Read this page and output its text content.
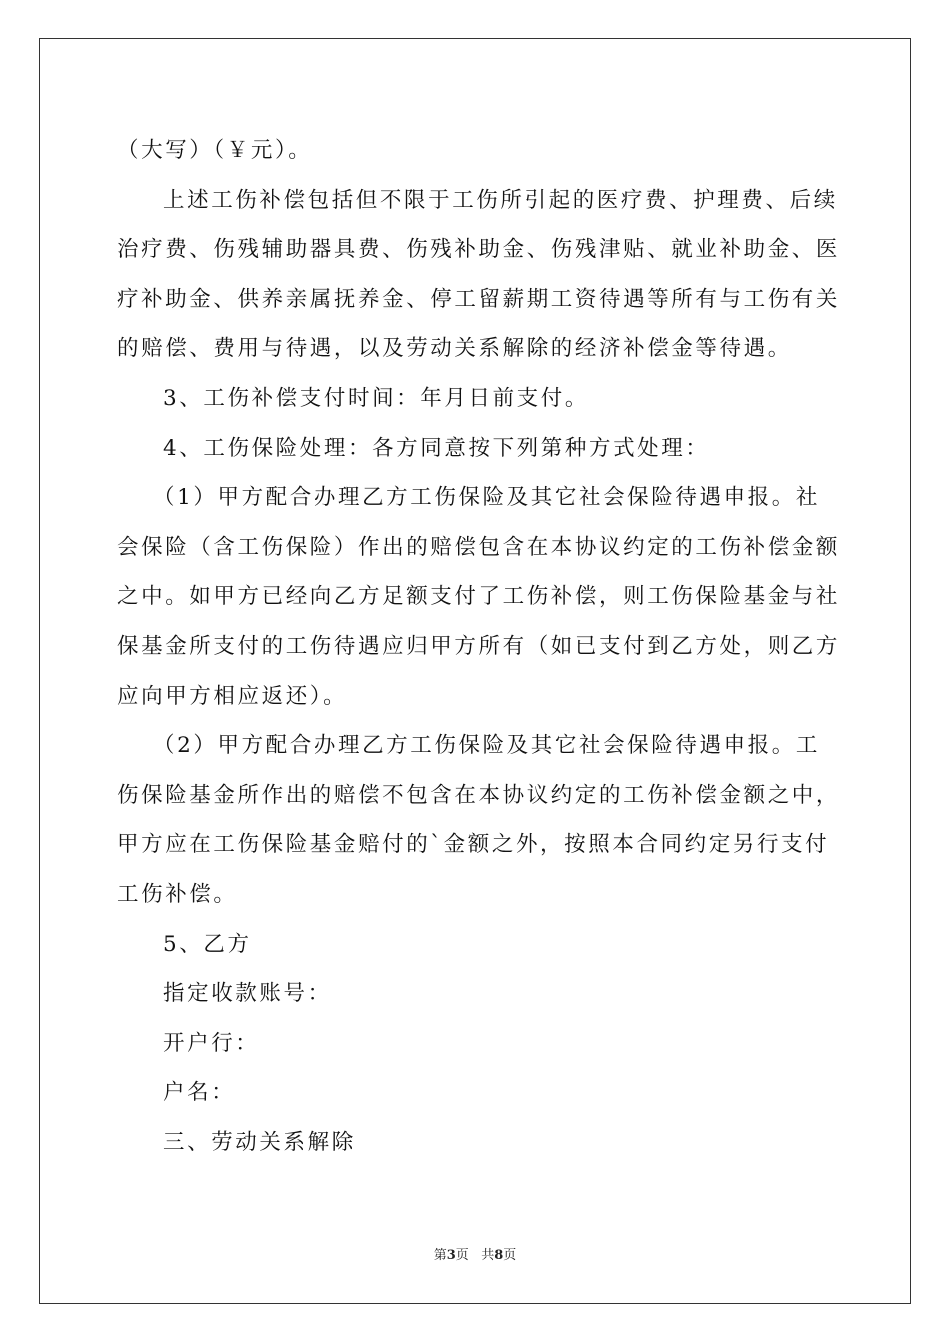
（大写）（￥元）。
上述工伤补偿包括但不限于工伤所引起的医疗费、护理费、后续
治疗费、伤残辅助器具费、伤残补助金、伤残津贴、就业补助金、医
疗补助金、供养亲属抚养金、停工留薪期工资待遇等所有与工伤有关
的赔偿、费用与待遇，以及劳动关系解除的经济补偿金等待遇。
3、工伤补偿支付时间：年月日前支付。
4、工伤保险处理：各方同意按下列第种方式处理：
（1）甲方配合办理乙方工伤保险及其它社会保险待遇申报。社
会保险（含工伤保险）作出的赔偿包含在本协议约定的工伤补偿金额
之中。如甲方已经向乙方足额支付了工伤补偿，则工伤保险基金与社
保基金所支付的工伤待遇应归甲方所有（如已支付到乙方处，则乙方
应向甲方相应返还）。
（2）甲方配合办理乙方工伤保险及其它社会保险待遇申报。工
伤保险基金所作出的赔偿不包含在本协议约定的工伤补偿金额之中，
甲方应在工伤保险基金赔付的`金额之外，按照本合同约定另行支付
工伤补偿。
5、乙方
指定收款账号：
开户行：
户名：
三、劳动关系解除
第3页 共8页
